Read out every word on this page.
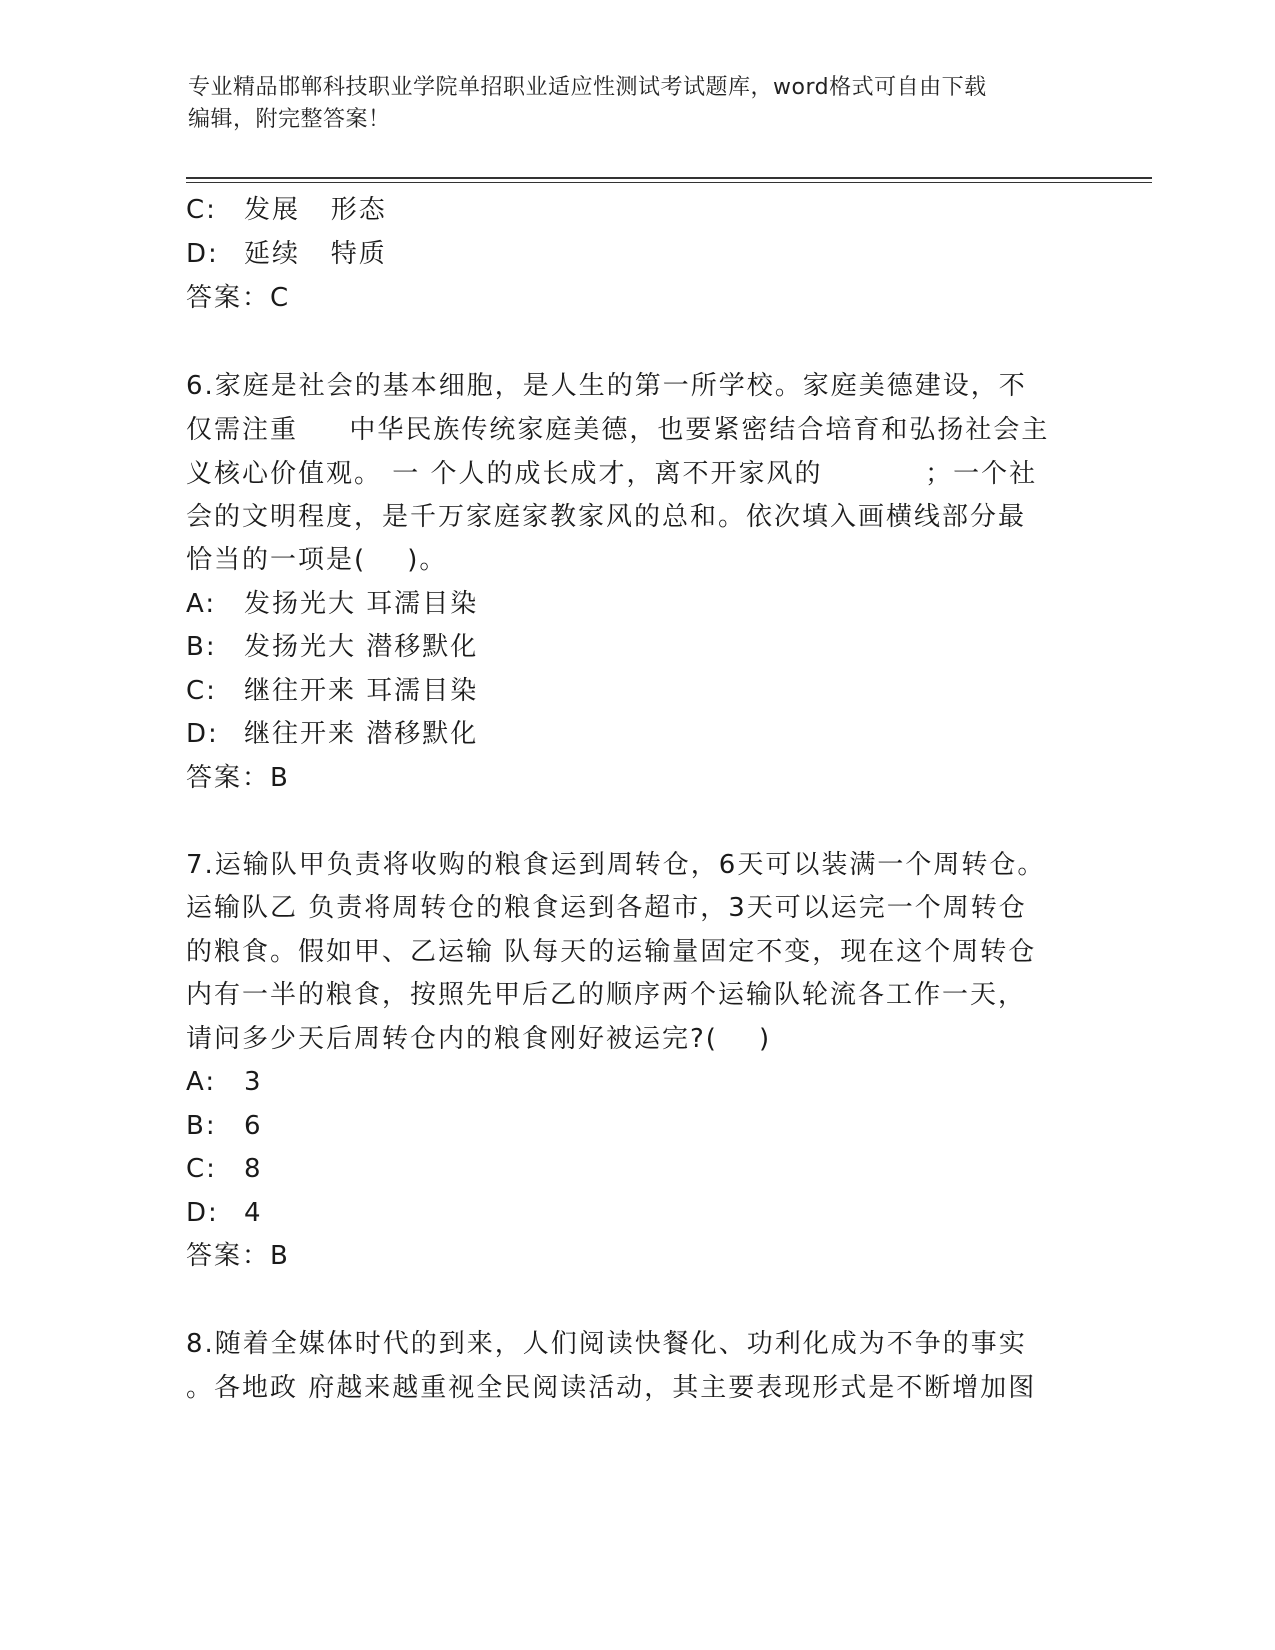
专业精品邯郸科技职业学院单招职业适应性测试考试题库，word格式可自由下载
编辑，附完整答案！
C: 发展   形态
D: 延续   特质
答案：C
6.家庭是社会的基本细胞，是人生的第一所学校。家庭美德建设，不
仅需注重     中华民族传统家庭美德，也要紧密结合培育和弘扬社会主
义核心价值观。 一 个人的成长成才，离不开家风的          ；一个社
会的文明程度，是千万家庭家教家风的总和。依次填入画横线部分最
恰当的一项是(    )。
A: 发扬光大 耳濡目染
B: 发扬光大 潜移默化
C: 继往开来 耳濡目染
D: 继往开来 潜移默化
答案：B
7.运输队甲负责将收购的粮食运到周转仓，6天可以装满一个周转仓。
运输队乙 负责将周转仓的粮食运到各超市，3天可以运完一个周转仓
的粮食。假如甲、乙运输 队每天的运输量固定不变，现在这个周转仓
内有一半的粮食，按照先甲后乙的顺序两个运输队轮流各工作一天，
请问多少天后周转仓内的粮食刚好被运完?(    )
A: 3
B: 6
C: 8
D: 4
答案：B
8.随着全媒体时代的到来，人们阅读快餐化、功利化成为不争的事实
。各地政 府越来越重视全民阅读活动，其主要表现形式是不断增加图
